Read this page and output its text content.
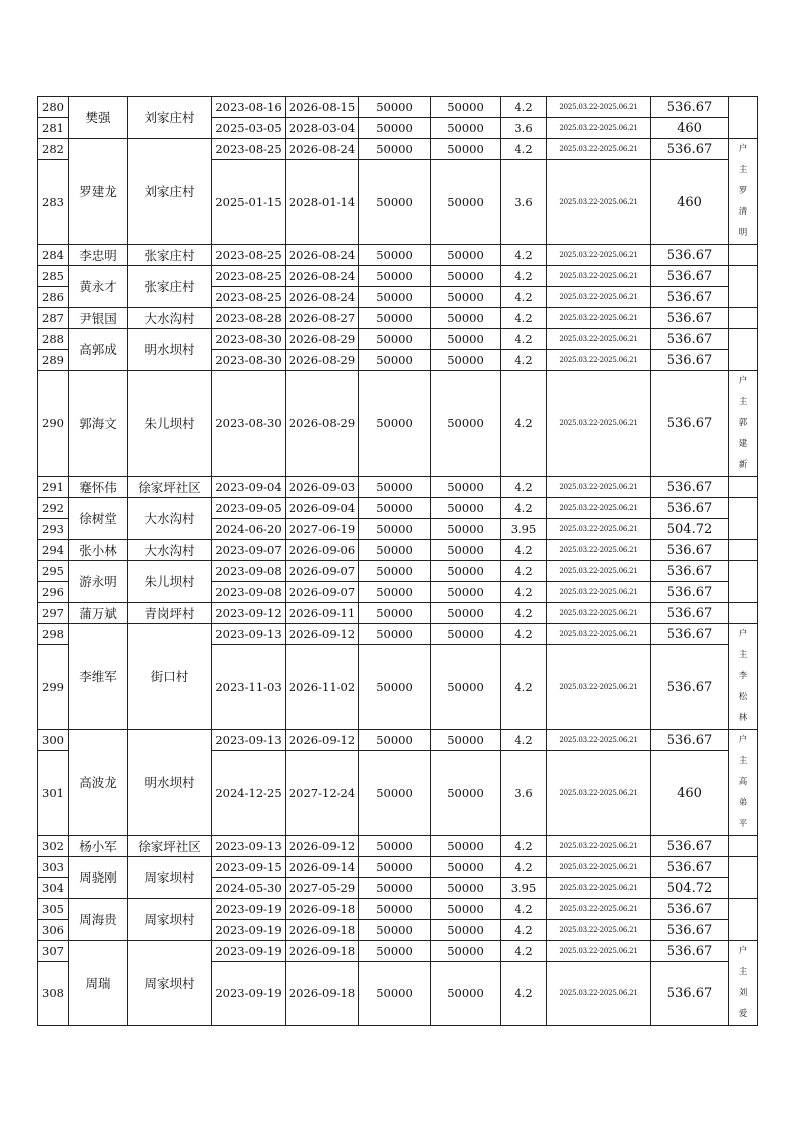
280	樊强	刘家庄村	2023-08-16	2026-08-15	50000	50000	4.2	2025.03.22-2025.06.21	536.67	
281			2025-03-05	2028-03-04	50000	50000	3.6	2025.03.22-2025.06.21	460	
282	罗建龙	刘家庄村	2023-08-25	2026-08-24	50000	50000	4.2	2025.03.22-2025.06.21	536.67	户
主
罗
清
明

283			2025-01-15	2028-01-14	50000	50000	3.6	2025.03.22-2025.06.21	460	
284	李忠明	张家庄村	2023-08-25	2026-08-24	50000	50000	4.2	2025.03.22-2025.06.21	536.67	
285	黄永才	张家庄村	2023-08-25	2026-08-24	50000	50000	4.2	2025.03.22-2025.06.21	536.67	
286			2023-08-25	2026-08-24	50000	50000	4.2	2025.03.22-2025.06.21	536.67	
287	尹银国	大水沟村	2023-08-28	2026-08-27	50000	50000	4.2	2025.03.22-2025.06.21	536.67	
288	高郭成	明水坝村	2023-08-30	2026-08-29	50000	50000	4.2	2025.03.22-2025.06.21	536.67	
289			2023-08-30	2026-08-29	50000	50000	4.2	2025.03.22-2025.06.21	536.67	
290	郭海文	朱儿坝村	2023-08-30	2026-08-29	50000	50000	4.2	2025.03.22-2025.06.21	536.67	户
主
郭
建
新

291	蹇怀伟	徐家坪社区	2023-09-04	2026-09-03	50000	50000	4.2	2025.03.22-2025.06.21	536.67	
292	徐树堂	大水沟村	2023-09-05	2026-09-04	50000	50000	4.2	2025.03.22-2025.06.21	536.67	
293			2024-06-20	2027-06-19	50000	50000	3.95	2025.03.22-2025.06.21	504.72	
294	张小林	大水沟村	2023-09-07	2026-09-06	50000	50000	4.2	2025.03.22-2025.06.21	536.67	
295	游永明	朱儿坝村	2023-09-08	2026-09-07	50000	50000	4.2	2025.03.22-2025.06.21	536.67	
296			2023-09-08	2026-09-07	50000	50000	4.2	2025.03.22-2025.06.21	536.67	
297	蒲万斌	青岗坪村	2023-09-12	2026-09-11	50000	50000	4.2	2025.03.22-2025.06.21	536.67	
298	李维军	街口村	2023-09-13	2026-09-12	50000	50000	4.2	2025.03.22-2025.06.21	536.67	户
主
李
松
林

299			2023-11-03	2026-11-02	50000	50000	4.2	2025.03.22-2025.06.21	536.67	
300	高波龙	明水坝村	2023-09-13	2026-09-12	50000	50000	4.2	2025.03.22-2025.06.21	536.67	户
主
高
弟
平

301			2024-12-25	2027-12-24	50000	50000	3.6	2025.03.22-2025.06.21	460	
302	杨小军	徐家坪社区	2023-09-13	2026-09-12	50000	50000	4.2	2025.03.22-2025.06.21	536.67	
303	周骁刚	周家坝村	2023-09-15	2026-09-14	50000	50000	4.2	2025.03.22-2025.06.21	536.67	
304			2024-05-30	2027-05-29	50000	50000	3.95	2025.03.22-2025.06.21	504.72	
305	周海贵	周家坝村	2023-09-19	2026-09-18	50000	50000	4.2	2025.03.22-2025.06.21	536.67	
306			2023-09-19	2026-09-18	50000	50000	4.2	2025.03.22-2025.06.21	536.67	
307	周瑞	周家坝村	2023-09-19	2026-09-18	50000	50000	4.2	2025.03.22-2025.06.21	536.67	户
主
刘
爱

308			2023-09-19	2026-09-18	50000	50000	4.2	2025.03.22-2025.06.21	536.67	
